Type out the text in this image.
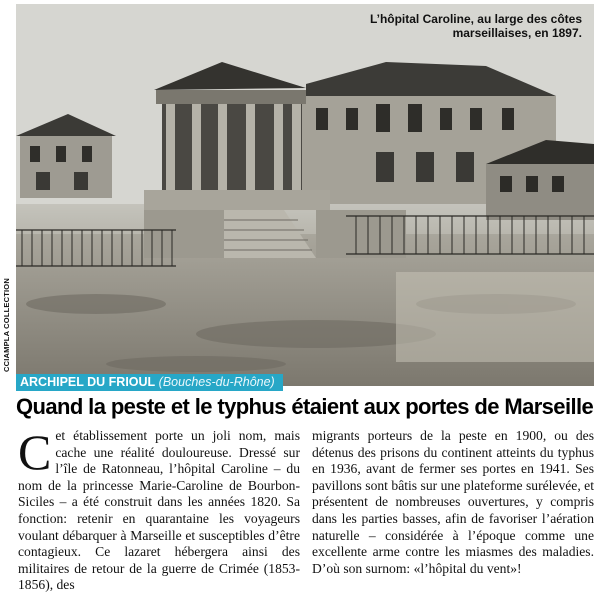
L’hôpital Caroline, au large des côtes marseillaises, en 1897.
CCIAMPLA COLLECTION
ARCHIPEL DU FRIOUL (Bouches-du-Rhône)
Quand la peste et le typhus étaient aux portes de Marseille
C et établissement porte un joli nom, mais cache une réalité douloureuse. Dressé sur l’île de Ratonneau, l’hôpital Caroline – du nom de la princesse Marie-Caroline de Bourbon-Siciles – a été construit dans les années 1820. Sa fonction: retenir en quarantaine les voyageurs voulant débarquer à Marseille et susceptibles d’être contagieux. Ce lazaret hébergera ainsi des militaires de retour de la guerre de Crimée (1853-1856), des

migrants porteurs de la peste en 1900, ou des détenus des prisons du continent atteints du typhus en 1936, avant de fermer ses portes en 1941. Ses pavillons sont bâtis sur une plateforme surélevée, et présentent de nombreuses ouvertures, y compris dans les parties basses, afin de favoriser l’aération naturelle – considérée à l’époque comme une excellente arme contre les miasmes des maladies. D’où son surnom: «l’hôpital du vent»!
